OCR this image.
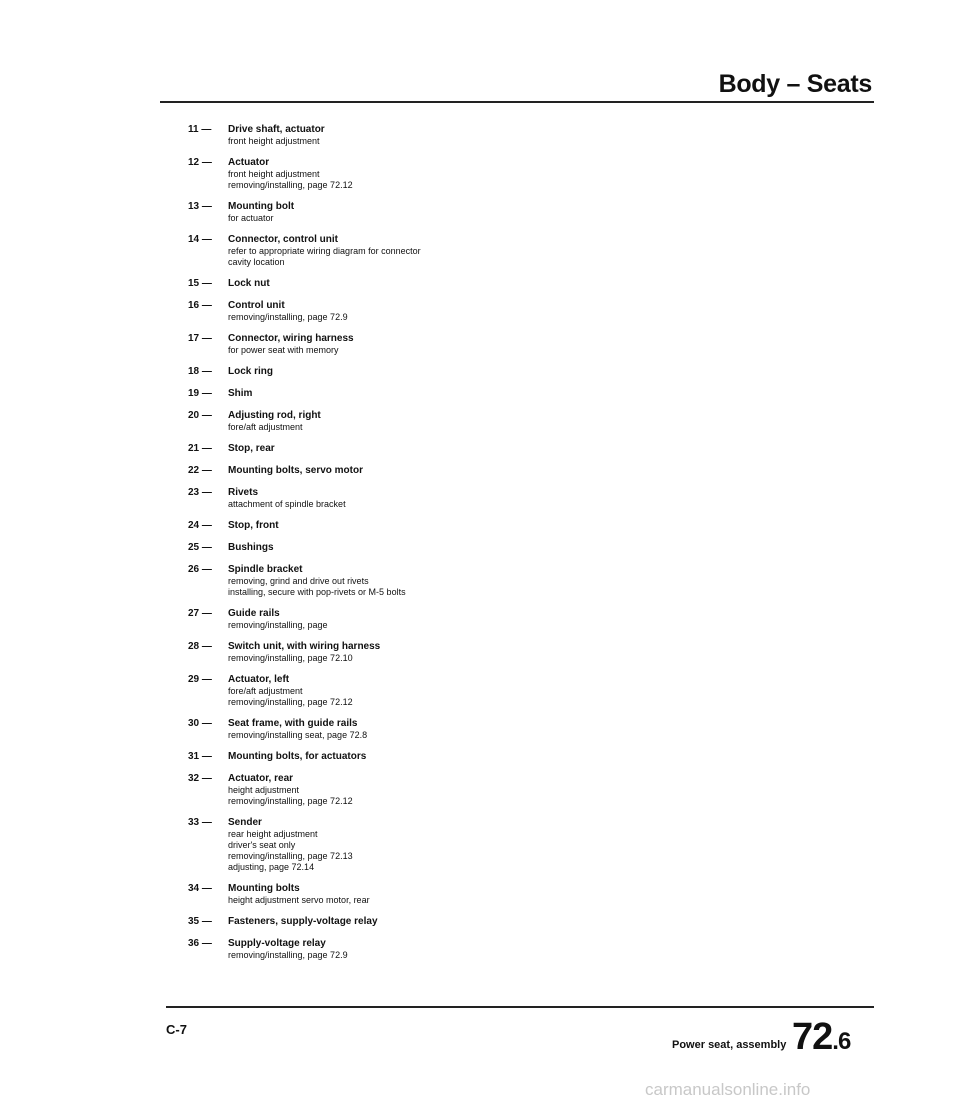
Body – Seats
11 —	Drive shaft, actuator
front height adjustment
12 —	Actuator
front height adjustment
removing/installing, page 72.12
13 —	Mounting bolt
for actuator
14 —	Connector, control unit
refer to appropriate wiring diagram for connector
cavity location
15 —	Lock nut
16 —	Control unit
removing/installing, page 72.9
17 —	Connector, wiring harness
for power seat with memory
18 —	Lock ring
19 —	Shim
20 —	Adjusting rod, right
fore/aft adjustment
21 —	Stop, rear
22 —	Mounting bolts, servo motor
23 —	Rivets
attachment of spindle bracket
24 —	Stop, front
25 —	Bushings
26 —	Spindle bracket
removing, grind and drive out rivets
installing, secure with pop-rivets or M-5 bolts
27 —	Guide rails
removing/installing, page
28 —	Switch unit, with wiring harness
removing/installing, page 72.10
29 —	Actuator, left
fore/aft adjustment
removing/installing, page 72.12
30 —	Seat frame, with guide rails
removing/installing seat, page 72.8
31 —	Mounting bolts, for actuators
32 —	Actuator, rear
height adjustment
removing/installing, page 72.12
33 —	Sender
rear height adjustment
driver's seat only
removing/installing, page 72.13
adjusting, page 72.14
34 —	Mounting bolts
height adjustment servo motor, rear
35 —	Fasteners, supply-voltage relay
36 —	Supply-voltage relay
removing/installing, page 72.9
C-7
Power seat, assembly 72.6
carmanualsonline.info
